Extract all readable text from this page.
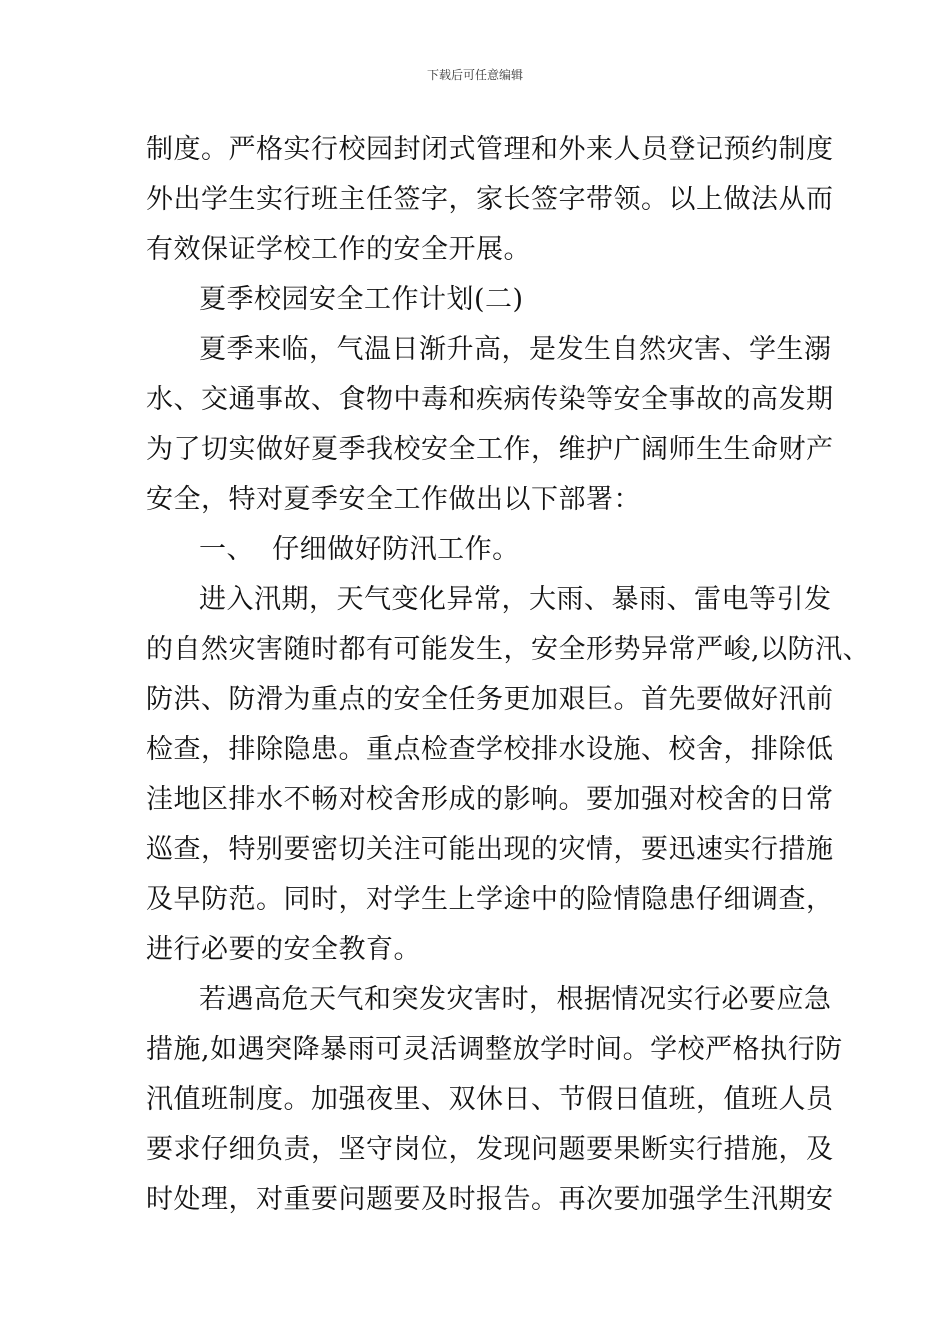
下载后可任意编辑
制度。严格实行校园封闭式管理和外来人员登记预约制度
外出学生实行班主任签字，家长签字带领。以上做法从而
有效保证学校工作的安全开展。
夏季校园安全工作计划(二)
夏季来临，气温日渐升高，是发生自然灾害、学生溺
水、交通事故、食物中毒和疾病传染等安全事故的高发期
为了切实做好夏季我校安全工作，维护广阔师生生命财产
安全，特对夏季安全工作做出以下部署：
一、  仔细做好防汛工作。
进入汛期，天气变化异常，大雨、暴雨、雷电等引发
的自然灾害随时都有可能发生，安全形势异常严峻,以防汛、
防洪、防滑为重点的安全任务更加艰巨。首先要做好汛前
检查，排除隐患。重点检查学校排水设施、校舍，排除低
洼地区排水不畅对校舍形成的影响。要加强对校舍的日常
巡查，特别要密切关注可能出现的灾情，要迅速实行措施
及早防范。同时，对学生上学途中的险情隐患仔细调查，
进行必要的安全教育。
若遇高危天气和突发灾害时，根据情况实行必要应急
措施,如遇突降暴雨可灵活调整放学时间。学校严格执行防
汛值班制度。加强夜里、双休日、节假日值班，值班人员
要求仔细负责，坚守岗位，发现问题要果断实行措施，及
时处理，对重要问题要及时报告。再次要加强学生汛期安
